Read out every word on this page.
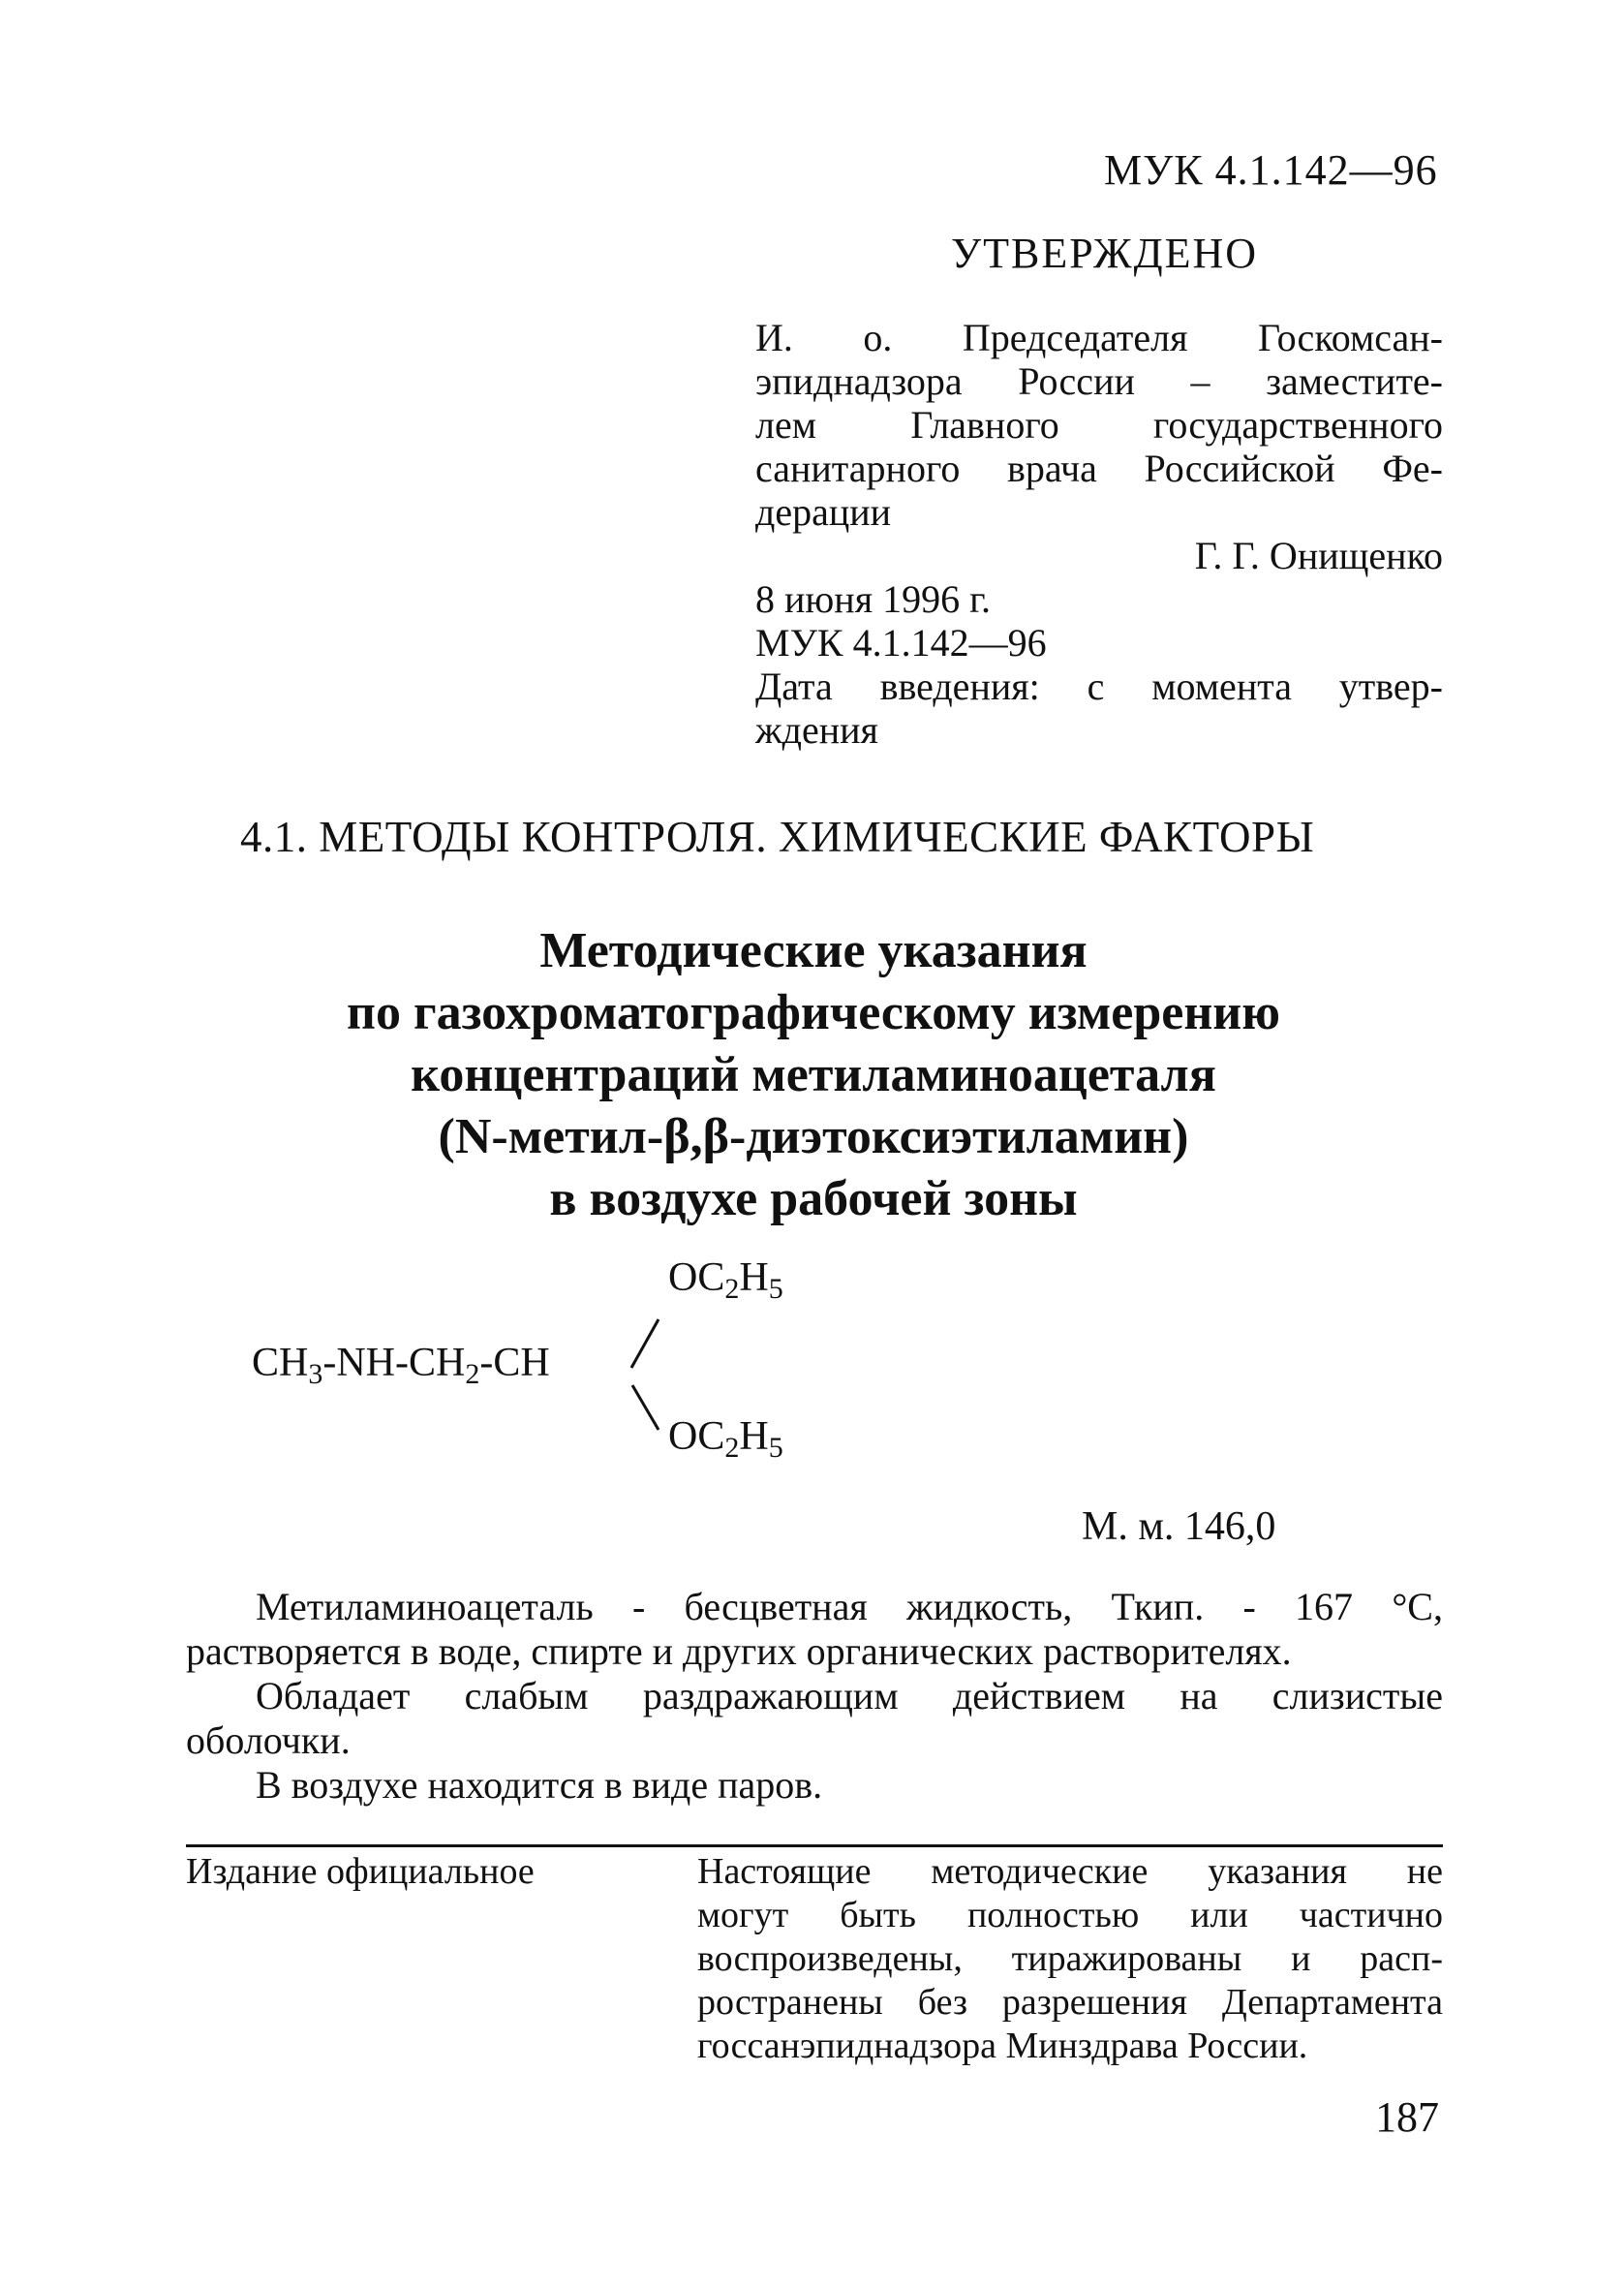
МУК 4.1.142—96
УТВЕРЖДЕНО

И. о. Председателя Госкомсан-

эпиднадзора России – заместите-

лем Главного государственного

санитарного врача Российской Фе-

дерации

Г. Г. Онищенко

8 июня 1996 г.

МУК 4.1.142—96

Дата введения: с момента утвер-

ждения

4.1. МЕТОДЫ КОНТРОЛЯ. ХИМИЧЕСКИЕ ФАКТОРЫ
Методические указания
по газохроматографическому измерению
концентраций метиламиноацеталя
(N-метил-β,β-диэтоксиэтиламин)
в воздухе рабочей зоны
OC2H5
CH3-NH-CH2-CH
OC2H5
М. м. 146,0

Метиламиноацеталь - бесцветная жидкость, Ткип. - 167 °С,

растворяется в воде, спирте и других органических растворителях.

Обладает слабым раздражающим действием на слизистые

оболочки.

В воздухе находится в виде паров.

Издание официальное	Настоящие методические указания не

могут быть полностью или частично

воспроизведены, тиражированы и расп-

ространены без разрешения Департамента

госсанэпиднадзора Минздрава России.

187
